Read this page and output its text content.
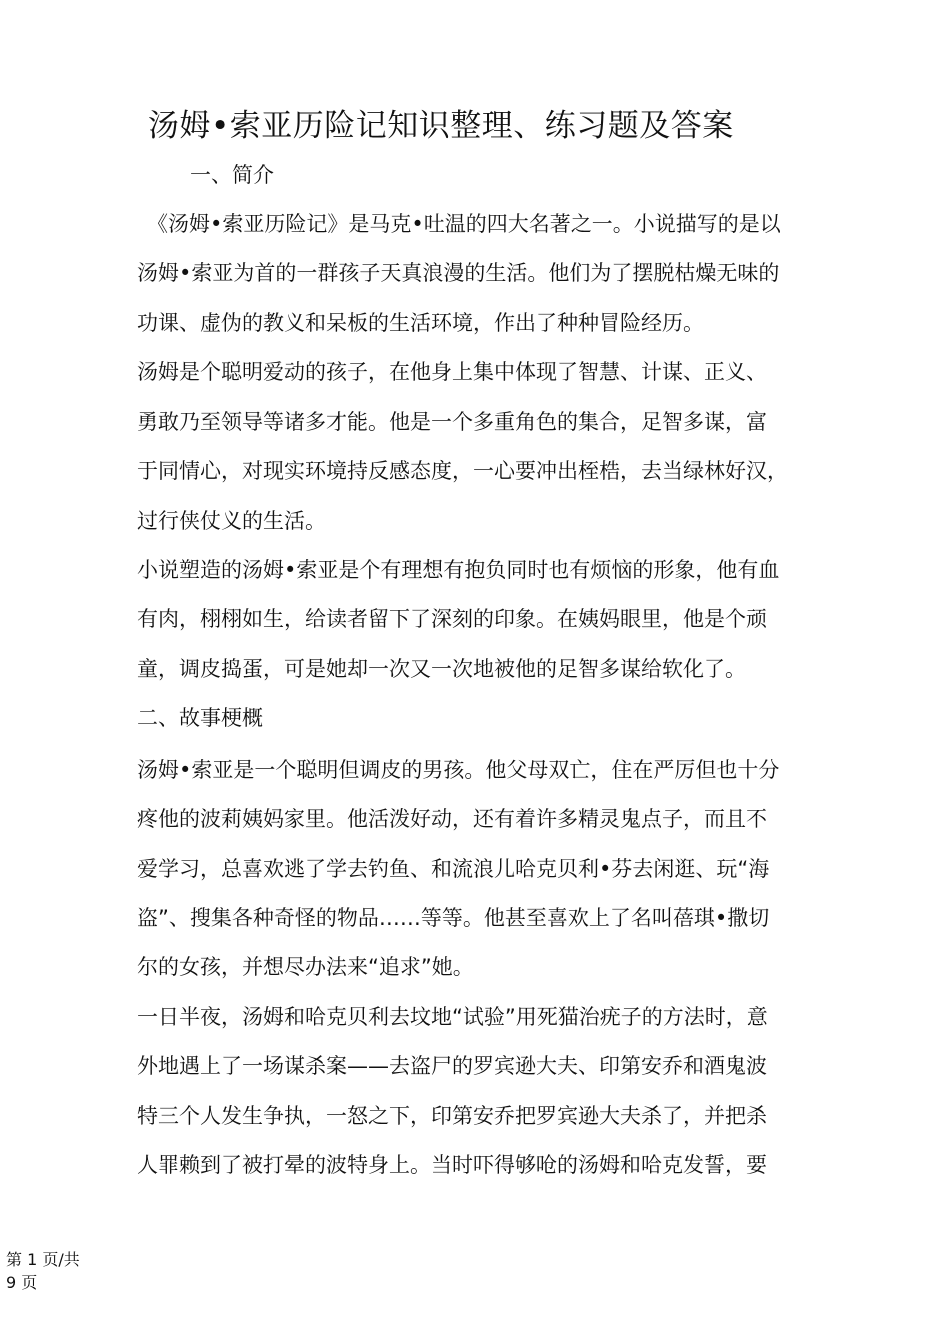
汤姆•索亚历险记知识整理、练习题及答案
一、简介
《汤姆•索亚历险记》是马克•吐温的四大名著之一。小说描写的是以
汤姆•索亚为首的一群孩子天真浪漫的生活。他们为了摆脱枯燥无味的
功课、虚伪的教义和呆板的生活环境，作出了种种冒险经历。
汤姆是个聪明爱动的孩子，在他身上集中体现了智慧、计谋、正义、
勇敢乃至领导等诸多才能。他是一个多重角色的集合，足智多谋，富
于同情心，对现实环境持反感态度，一心要冲出桎梏，去当绿林好汉，
过行侠仗义的生活。
小说塑造的汤姆•索亚是个有理想有抱负同时也有烦恼的形象，他有血
有肉，栩栩如生，给读者留下了深刻的印象。在姨妈眼里，他是个顽
童，调皮捣蛋，可是她却一次又一次地被他的足智多谋给软化了。
二、故事梗概
汤姆•索亚是一个聪明但调皮的男孩。他父母双亡，住在严厉但也十分
疼他的波莉姨妈家里。他活泼好动，还有着许多精灵鬼点子，而且不
爱学习，总喜欢逃了学去钓鱼、和流浪儿哈克贝利•芬去闲逛、玩“海
盗”、搜集各种奇怪的物品……等等。他甚至喜欢上了名叫蓓琪•撒切
尔的女孩，并想尽办法来“追求”她。
一日半夜，汤姆和哈克贝利去坟地“试验”用死猫治疣子的方法时，意
外地遇上了一场谋杀案——去盗尸的罗宾逊大夫、印第安乔和酒鬼波
特三个人发生争执，一怒之下，印第安乔把罗宾逊大夫杀了，并把杀
人罪赖到了被打晕的波特身上。当时吓得够呛的汤姆和哈克发誓，要
第 1 页/共
9 页
